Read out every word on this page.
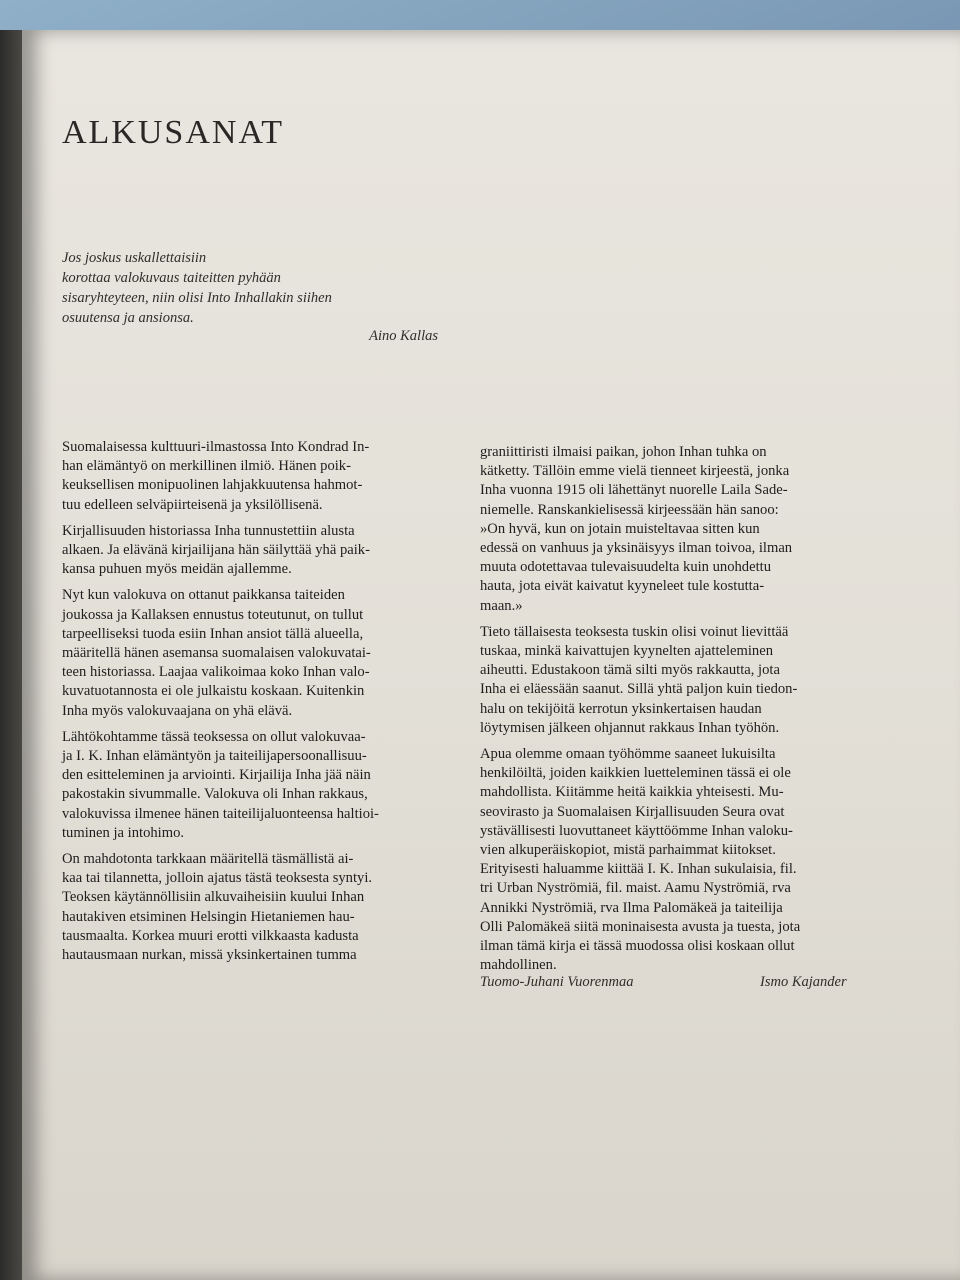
ALKUSANAT
Jos joskus uskallettaisiin
korottaa valokuvaus taiteitten pyhään
sisaryhteyteen, niin olisi Into Inhallakin siihen
osuutensa ja ansionsa.
Aino Kallas
Suomalaisessa kulttuuri-ilmastossa Into Kondrad In-
han elämäntyö on merkillinen ilmiö. Hänen poik-
keuksellisen monipuolinen lahjakkuutensa hahmot-
tuu edelleen selväpiirteisenä ja yksilöllisenä.
Kirjallisuuden historiassa Inha tunnustettiin alusta
alkaen. Ja elävänä kirjailijana hän säilyttää yhä paik-
kansa puhuen myös meidän ajallemme.
Nyt kun valokuva on ottanut paikkansa taiteiden
joukossa ja Kallaksen ennustus toteutunut, on tullut
tarpeelliseksi tuoda esiin Inhan ansiot tällä alueella,
määritellä hänen asemansa suomalaisen valokuvatai-
teen historiassa. Laajaa valikoimaa koko Inhan valo-
kuvatuotannosta ei ole julkaistu koskaan. Kuitenkin
Inha myös valokuvaajana on yhä elävä.
Lähtökohtamme tässä teoksessa on ollut valokuvaa-
ja I. K. Inhan elämäntyön ja taiteilijapersoonallisuu-
den esitteleminen ja arviointi. Kirjailija Inha jää näin
pakostakin sivummalle. Valokuva oli Inhan rakkaus,
valokuvissa ilmenee hänen taiteilijaluonteensa haltioi-
tuminen ja intohimo.
On mahdotonta tarkkaan määritellä täsmällistä ai-
kaa tai tilannetta, jolloin ajatus tästä teoksesta syntyi.
Teoksen käytännöllisiin alkuvaiheisiin kuului Inhan
hautakiven etsiminen Helsingin Hietaniemen hau-
tausmaalta. Korkea muuri erotti vilkkaasta kadusta
hautausmaan nurkan, missä yksinkertainen tumma
graniittiristi ilmaisi paikan, johon Inhan tuhka on
kätketty. Tällöin emme vielä tienneet kirjeestä, jonka
Inha vuonna 1915 oli lähettänyt nuorelle Laila Sade-
niemelle. Ranskankielisessä kirjeessään hän sanoo:
»On hyvä, kun on jotain muisteltavaa sitten kun
edessä on vanhuus ja yksinäisyys ilman toivoa, ilman
muuta odotettavaa tulevaisuudelta kuin unohdettu
hauta, jota eivät kaivatut kyyneleet tule kostutta-
maan.»
Tieto tällaisesta teoksesta tuskin olisi voinut lievittää
tuskaa, minkä kaivattujen kyynelten ajatteleminen
aiheutti. Edustakoon tämä silti myös rakkautta, jota
Inha ei eläessään saanut. Sillä yhtä paljon kuin tiedon-
halu on tekijöitä kerrotun yksinkertaisen haudan
löytymisen jälkeen ohjannut rakkaus Inhan työhön.
Apua olemme omaan työhömme saaneet lukuisilta
henkilöiltä, joiden kaikkien luetteleminen tässä ei ole
mahdollista. Kiitämme heitä kaikkia yhteisesti. Mu-
seovirasto ja Suomalaisen Kirjallisuuden Seura ovat
ystävällisesti luovuttaneet käyttöömme Inhan valoku-
vien alkuperäiskopiot, mistä parhaimmat kiitokset.
Erityisesti haluamme kiittää I. K. Inhan sukulaisia, fil.
tri Urban Nyströmiä, fil. maist. Aamu Nyströmiä, rva
Annikki Nyströmiä, rva Ilma Palomäkeä ja taiteilija
Olli Palomäkeä siitä moninaisesta avusta ja tuesta, jota
ilman tämä kirja ei tässä muodossa olisi koskaan ollut
mahdollinen.
Tuomo-Juhani Vuorenmaa	Ismo Kajander
